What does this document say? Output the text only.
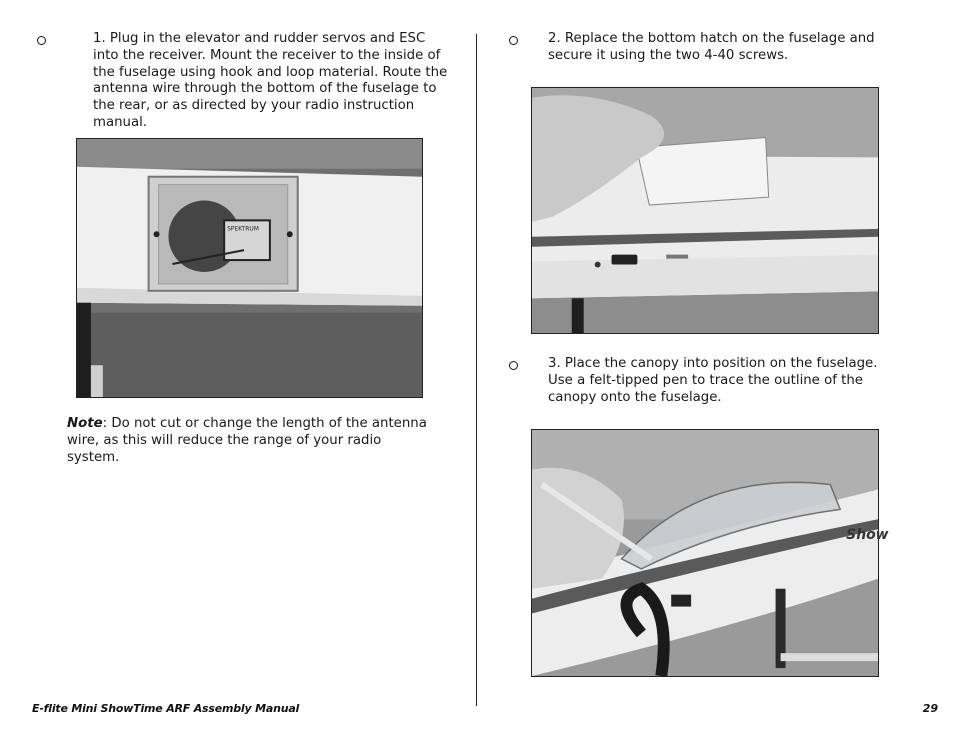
1. Plug in the elevator and rudder servos and ESC into the receiver. Mount the receiver to the inside of the fuselage using hook and loop material. Route the antenna wire through the bottom of the fuselage to the rear, or as directed by your radio instruction manual.
SPEKTRUM
Note: Do not cut or change the length of the antenna wire, as this will reduce the range of your radio system.
2. Replace the bottom hatch on the fuselage and secure it using the two 4-40 screws.
3. Place the canopy into position on the fuselage. Use a felt-tipped pen to trace the outline of the canopy onto the fuselage.
Show
E-flite Mini ShowTime ARF Assembly Manual	29
